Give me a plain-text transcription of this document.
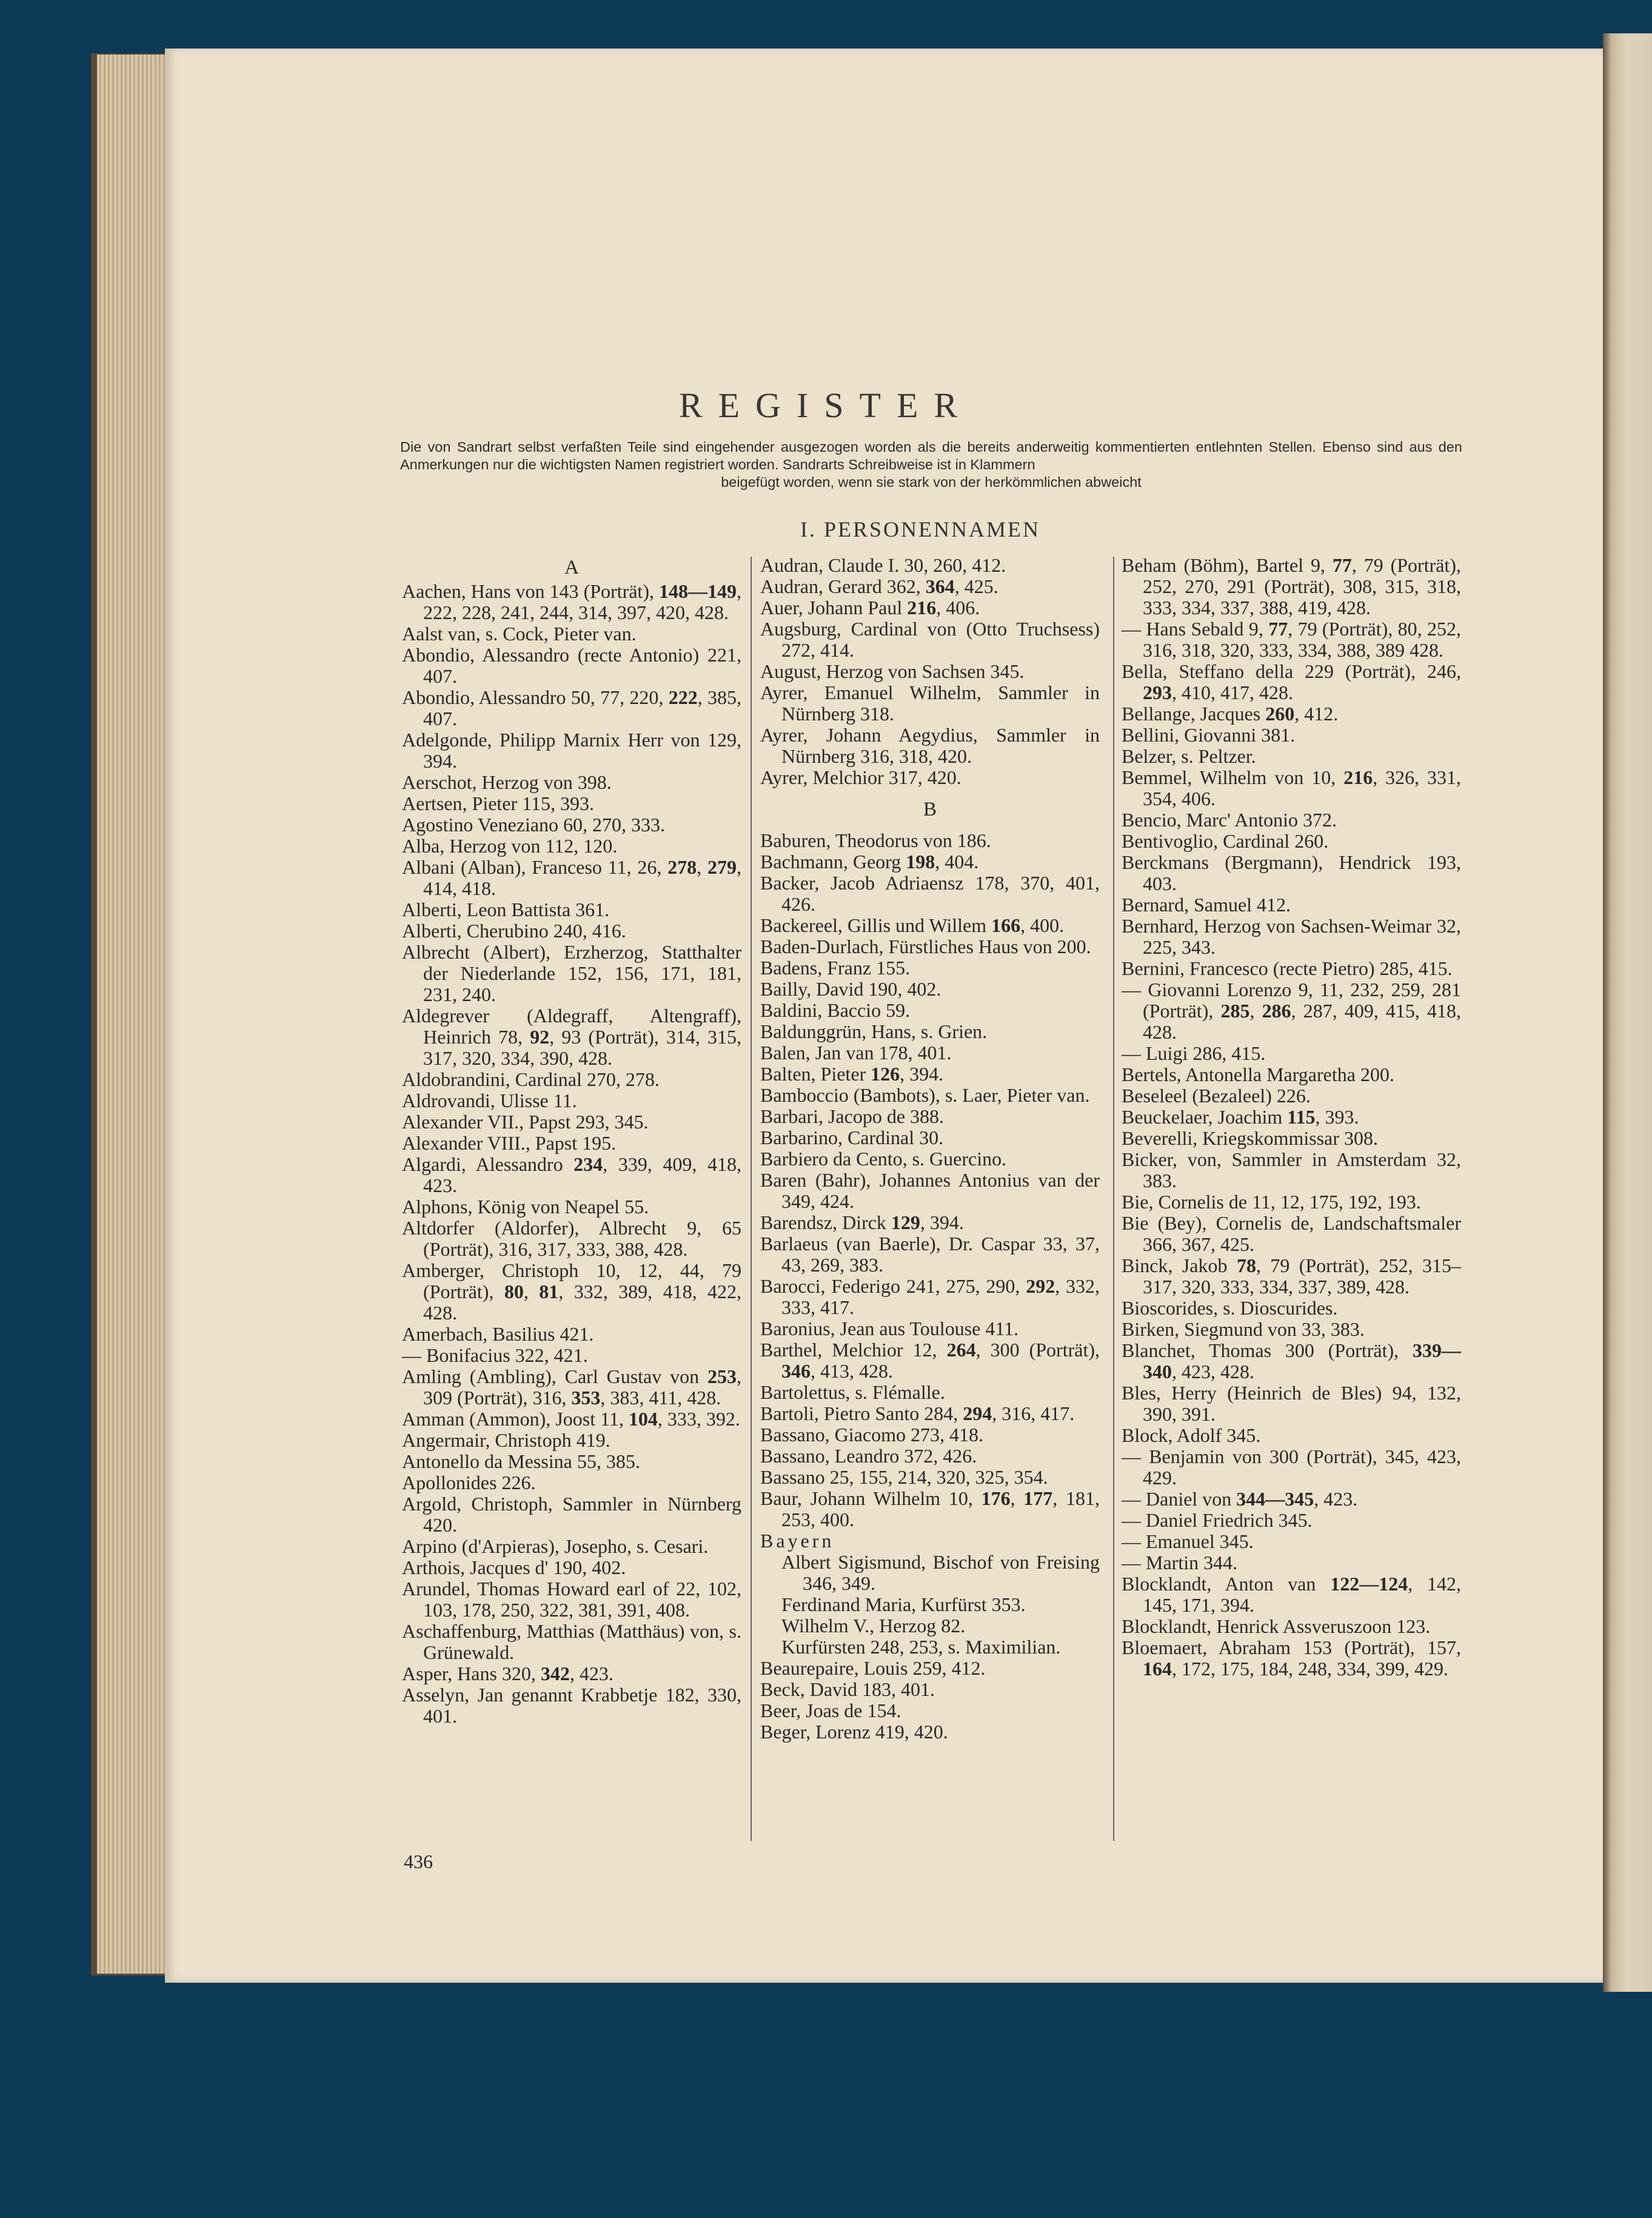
REGISTER
Die von Sandrart selbst verfaßten Teile sind eingehender ausgezogen worden als die bereits anderweitig kommentierten entlehnten Stellen. Ebenso sind aus den Anmerkungen nur die wichtigsten Namen registriert worden. Sandrarts Schreibweise ist in Klammern
beigefügt worden, wenn sie stark von der herkömmlichen abweicht
I. PERSONENNAMEN
A
Aachen, Hans von 143 (Porträt), 148—149, 222, 228, 241, 244, 314, 397, 420, 428.
Aalst van, s. Cock, Pieter van.
Abondio, Alessandro (recte Antonio) 221, 407.
Abondio, Alessandro 50, 77, 220, 222, 385, 407.
Adelgonde, Philipp Marnix Herr von 129, 394.
Aerschot, Herzog von 398.
Aertsen, Pieter 115, 393.
Agostino Veneziano 60, 270, 333.
Alba, Herzog von 112, 120.
Albani (Alban), Franceso 11, 26, 278, 279, 414, 418.
Alberti, Leon Battista 361.
Alberti, Cherubino 240, 416.
Albrecht (Albert), Erzherzog, Statthalter der Niederlande 152, 156, 171, 181, 231, 240.
Aldegrever (Aldegraff, Altengraff), Heinrich 78, 92, 93 (Porträt), 314, 315, 317, 320, 334, 390, 428.
Aldobrandini, Cardinal 270, 278.
Aldrovandi, Ulisse 11.
Alexander VII., Papst 293, 345.
Alexander VIII., Papst 195.
Algardi, Alessandro 234, 339, 409, 418, 423.
Alphons, König von Neapel 55.
Altdorfer (Aldorfer), Albrecht 9, 65 (Porträt), 316, 317, 333, 388, 428.
Amberger, Christoph 10, 12, 44, 79 (Porträt), 80, 81, 332, 389, 418, 422, 428.
Amerbach, Basilius 421.
— Bonifacius 322, 421.
Amling (Ambling), Carl Gustav von 253, 309 (Porträt), 316, 353, 383, 411, 428.
Amman (Ammon), Joost 11, 104, 333, 392.
Angermair, Christoph 419.
Antonello da Messina 55, 385.
Apollonides 226.
Argold, Christoph, Sammler in Nürnberg 420.
Arpino (d'Arpieras), Josepho, s. Cesari.
Arthois, Jacques d' 190, 402.
Arundel, Thomas Howard earl of 22, 102, 103, 178, 250, 322, 381, 391, 408.
Aschaffenburg, Matthias (Matthäus) von, s. Grünewald.
Asper, Hans 320, 342, 423.
Asselyn, Jan genannt Krabbetje 182, 330, 401.
Audran, Claude I. 30, 260, 412.
Audran, Gerard 362, 364, 425.
Auer, Johann Paul 216, 406.
Augsburg, Cardinal von (Otto Truchsess) 272, 414.
August, Herzog von Sachsen 345.
Ayrer, Emanuel Wilhelm, Sammler in Nürnberg 318.
Ayrer, Johann Aegydius, Sammler in Nürnberg 316, 318, 420.
Ayrer, Melchior 317, 420.
B
Baburen, Theodorus von 186.
Bachmann, Georg 198, 404.
Backer, Jacob Adriaensz 178, 370, 401, 426.
Backereel, Gillis und Willem 166, 400.
Baden-Durlach, Fürstliches Haus von 200.
Badens, Franz 155.
Bailly, David 190, 402.
Baldini, Baccio 59.
Baldunggrün, Hans, s. Grien.
Balen, Jan van 178, 401.
Balten, Pieter 126, 394.
Bamboccio (Bambots), s. Laer, Pieter van.
Barbari, Jacopo de 388.
Barbarino, Cardinal 30.
Barbiero da Cento, s. Guercino.
Baren (Bahr), Johannes Antonius van der 349, 424.
Barendsz, Dirck 129, 394.
Barlaeus (van Baerle), Dr. Caspar 33, 37, 43, 269, 383.
Barocci, Federigo 241, 275, 290, 292, 332, 333, 417.
Baronius, Jean aus Toulouse 411.
Barthel, Melchior 12, 264, 300 (Porträt), 346, 413, 428.
Bartolettus, s. Flémalle.
Bartoli, Pietro Santo 284, 294, 316, 417.
Bassano, Giacomo 273, 418.
Bassano, Leandro 372, 426.
Bassano 25, 155, 214, 320, 325, 354.
Baur, Johann Wilhelm 10, 176, 177, 181, 253, 400.
Bayern
Albert Sigismund, Bischof von Freising 346, 349.
Ferdinand Maria, Kurfürst 353.
Wilhelm V., Herzog 82.
Kurfürsten 248, 253, s. Maximilian.
Beaurepaire, Louis 259, 412.
Beck, David 183, 401.
Beer, Joas de 154.
Beger, Lorenz 419, 420.
Beham (Böhm), Bartel 9, 77, 79 (Porträt), 252, 270, 291 (Porträt), 308, 315, 318, 333, 334, 337, 388, 419, 428.
— Hans Sebald 9, 77, 79 (Porträt), 80, 252, 316, 318, 320, 333, 334, 388, 389 428.
Bella, Steffano della 229 (Porträt), 246, 293, 410, 417, 428.
Bellange, Jacques 260, 412.
Bellini, Giovanni 381.
Belzer, s. Peltzer.
Bemmel, Wilhelm von 10, 216, 326, 331, 354, 406.
Bencio, Marc' Antonio 372.
Bentivoglio, Cardinal 260.
Berckmans (Bergmann), Hendrick 193, 403.
Bernard, Samuel 412.
Bernhard, Herzog von Sachsen-Weimar 32, 225, 343.
Bernini, Francesco (recte Pietro) 285, 415.
— Giovanni Lorenzo 9, 11, 232, 259, 281 (Porträt), 285, 286, 287, 409, 415, 418, 428.
— Luigi 286, 415.
Bertels, Antonella Margaretha 200.
Beseleel (Bezaleel) 226.
Beuckelaer, Joachim 115, 393.
Beverelli, Kriegskommissar 308.
Bicker, von, Sammler in Amsterdam 32, 383.
Bie, Cornelis de 11, 12, 175, 192, 193.
Bie (Bey), Cornelis de, Landschaftsmaler 366, 367, 425.
Binck, Jakob 78, 79 (Porträt), 252, 315–317, 320, 333, 334, 337, 389, 428.
Bioscorides, s. Dioscurides.
Birken, Siegmund von 33, 383.
Blanchet, Thomas 300 (Porträt), 339— 340, 423, 428.
Bles, Herry (Heinrich de Bles) 94, 132, 390, 391.
Block, Adolf 345.
— Benjamin von 300 (Porträt), 345, 423, 429.
— Daniel von 344—345, 423.
— Daniel Friedrich 345.
— Emanuel 345.
— Martin 344.
Blocklandt, Anton van 122—124, 142, 145, 171, 394.
Blocklandt, Henrick Assveruszoon 123.
Bloemaert, Abraham 153 (Porträt), 157, 164, 172, 175, 184, 248, 334, 399, 429.
436
